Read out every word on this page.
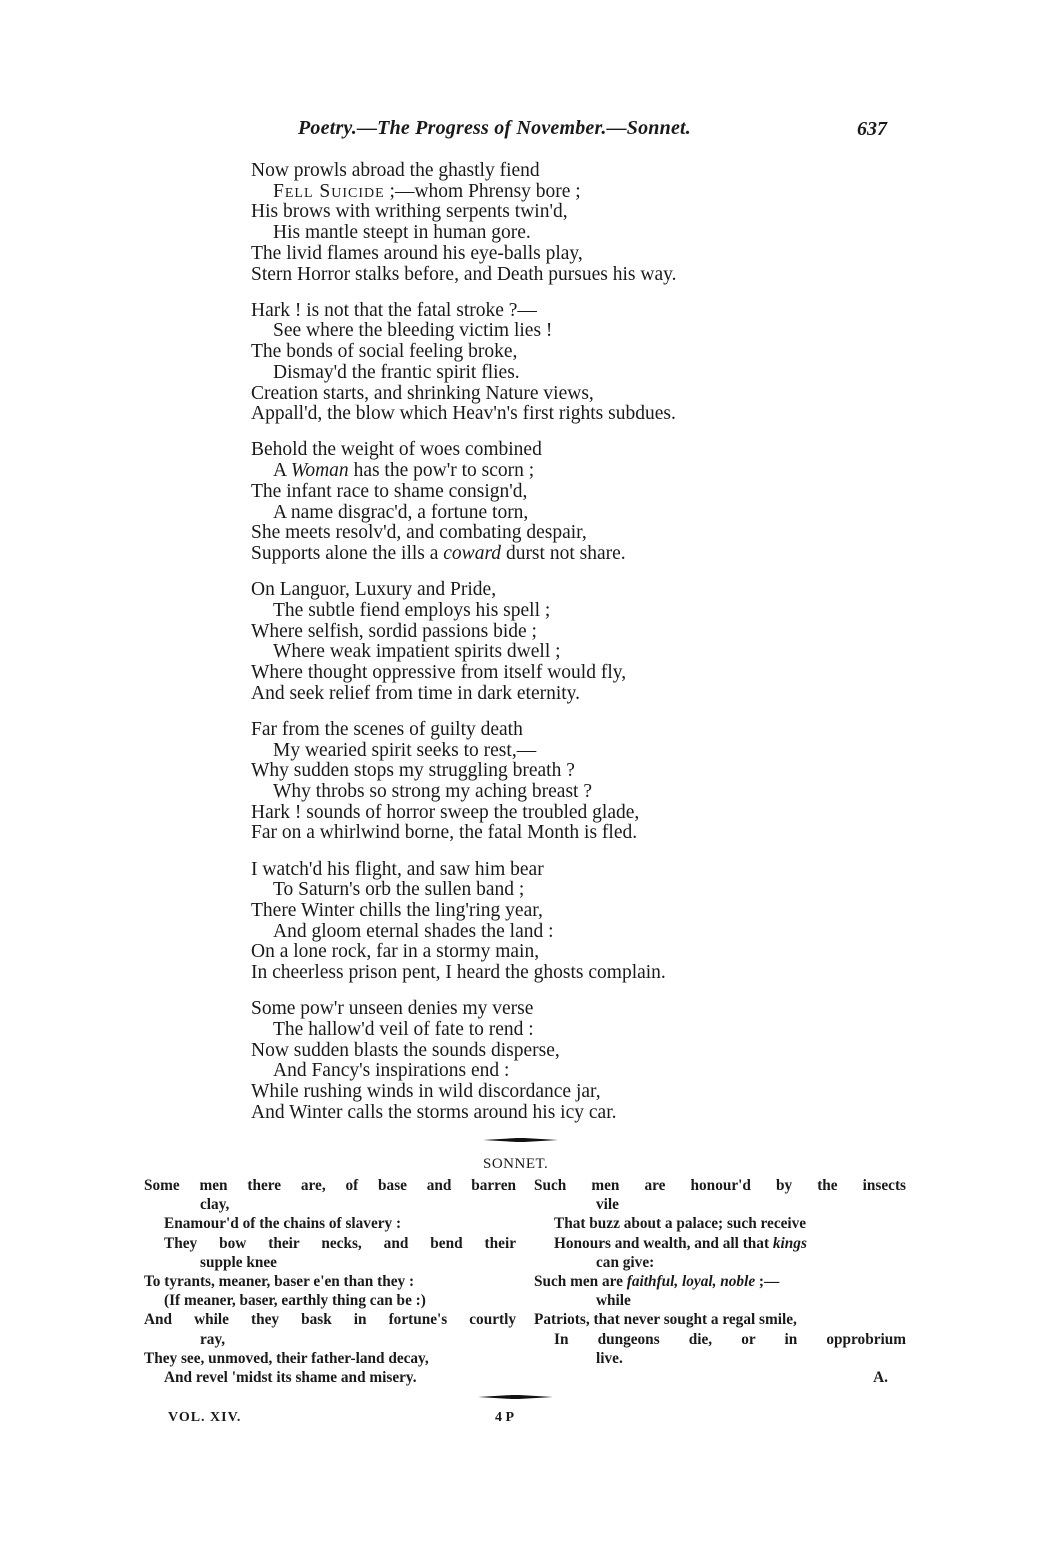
Poetry.—The Progress of November.—Sonnet.	637
Now prowls abroad the ghastly fiend
Fell Suicide ;—whom Phrensy bore ;
His brows with writhing serpents twin'd,
His mantle steept in human gore.
The livid flames around his eye-balls play,
Stern Horror stalks before, and Death pursues his way.
Hark ! is not that the fatal stroke ?—
See where the bleeding victim lies !
The bonds of social feeling broke,
Dismay'd the frantic spirit flies.
Creation starts, and shrinking Nature views,
Appall'd, the blow which Heav'n's first rights subdues.
Behold the weight of woes combined
A Woman has the pow'r to scorn ;
The infant race to shame consign'd,
A name disgrac'd, a fortune torn,
She meets resolv'd, and combating despair,
Supports alone the ills a coward durst not share.
On Languor, Luxury and Pride,
The subtle fiend employs his spell ;
Where selfish, sordid passions bide ;
Where weak impatient spirits dwell ;
Where thought oppressive from itself would fly,
And seek relief from time in dark eternity.
Far from the scenes of guilty death
My wearied spirit seeks to rest,—
Why sudden stops my struggling breath ?
Why throbs so strong my aching breast ?
Hark ! sounds of horror sweep the troubled glade,
Far on a whirlwind borne, the fatal Month is fled.
I watch'd his flight, and saw him bear
To Saturn's orb the sullen band ;
There Winter chills the ling'ring year,
And gloom eternal shades the land :
On a lone rock, far in a stormy main,
In cheerless prison pent, I heard the ghosts complain.
Some pow'r unseen denies my verse
The hallow'd veil of fate to rend :
Now sudden blasts the sounds disperse,
And Fancy's inspirations end :
While rushing winds in wild discordance jar,
And Winter calls the storms around his icy car.
SONNET.
Some men there are, of base and barren
clay,
Enamour'd of the chains of slavery :
They bow their necks, and bend their
supple knee
To tyrants, meaner, baser e'en than they :
(If meaner, baser, earthly thing can be :)
And while they bask in fortune's courtly
ray,
They see, unmoved, their father-land decay,
And revel 'midst its shame and misery.
Such men are honour'd by the insects
vile
That buzz about a palace; such receive
Honours and wealth, and all that kings
can give:
Such men are faithful, loyal, noble ;—
while
Patriots, that never sought a regal smile,
In dungeons die, or in opprobrium
live.
A.
VOL. XIV.	4 P
